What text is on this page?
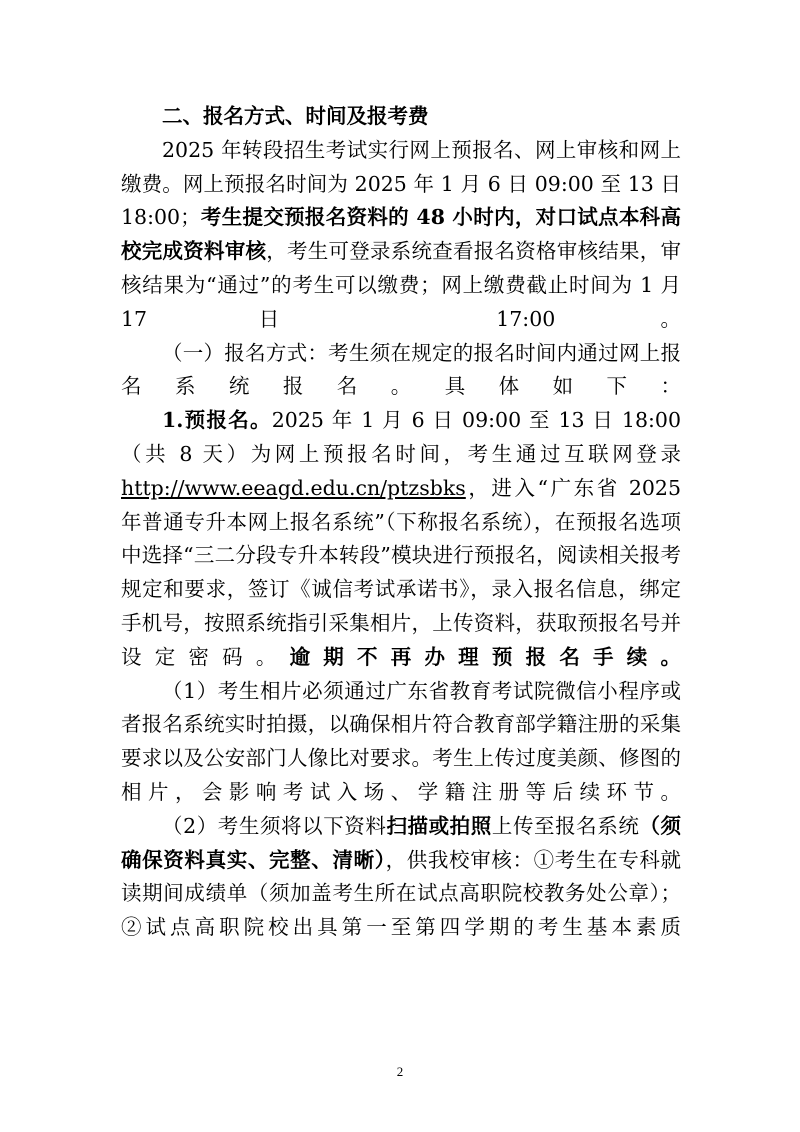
二、报名方式、时间及报考费

2025 年转段招生考试实行网上预报名、网上审核和网上缴费。网上预报名时间为 2025 年 1 月 6 日 09:00 至 13 日 18:00；考生提交预报名资料的 48 小时内，对口试点本科高校完成资料审核，考生可登录系统查看报名资格审核结果，审核结果为“通过”的考生可以缴费；网上缴费截止时间为 1 月 17 日 17:00。

（一）报名方式：考生须在规定的报名时间内通过网上报名系统报名。具体如下：

1.预报名。2025 年 1 月 6 日 09:00 至 13 日 18:00（共 8 天）为网上预报名时间，考生通过互联网登录 http://www.eeagd.edu.cn/ptzsbks，进入“广东省 2025 年普通专升本网上报名系统”（下称报名系统），在预报名选项中选择“三二分段专升本转段”模块进行预报名，阅读相关报考规定和要求，签订《诚信考试承诺书》，录入报名信息，绑定手机号，按照系统指引采集相片，上传资料，获取预报名号并设定密码。逾期不再办理预报名手续。

（1）考生相片必须通过广东省教育考试院微信小程序或者报名系统实时拍摄，以确保相片符合教育部学籍注册的采集要求以及公安部门人像比对要求。考生上传过度美颜、修图的相片，会影响考试入场、学籍注册等后续环节。

（2）考生须将以下资料扫描或拍照上传至报名系统（须确保资料真实、完整、清晰），供我校审核：①考生在专科就读期间成绩单（须加盖考生所在试点高职院校教务处公章）；②试点高职院校出具第一至第四学期的考生基本素质

2
